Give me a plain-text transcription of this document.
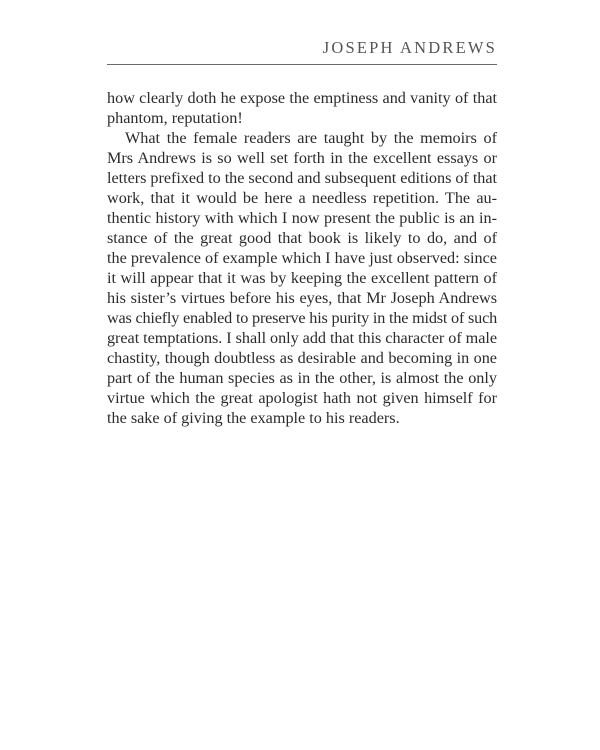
JOSEPH ANDREWS
how clearly doth he expose the emptiness and vanity of that
phantom, reputation!
What the female readers are taught by the memoirs of
Mrs Andrews is so well set forth in the excellent essays or
letters prefixed to the second and subsequent editions of that
work, that it would be here a needless repetition. The au-
thentic history with which I now present the public is an in-
stance of the great good that book is likely to do, and of
the prevalence of example which I have just observed: since
it will appear that it was by keeping the excellent pattern of
his sister’s virtues before his eyes, that Mr Joseph Andrews
was chiefly enabled to preserve his purity in the midst of such
great temptations. I shall only add that this character of male
chastity, though doubtless as desirable and becoming in one
part of the human species as in the other, is almost the only
virtue which the great apologist hath not given himself for
the sake of giving the example to his readers.
